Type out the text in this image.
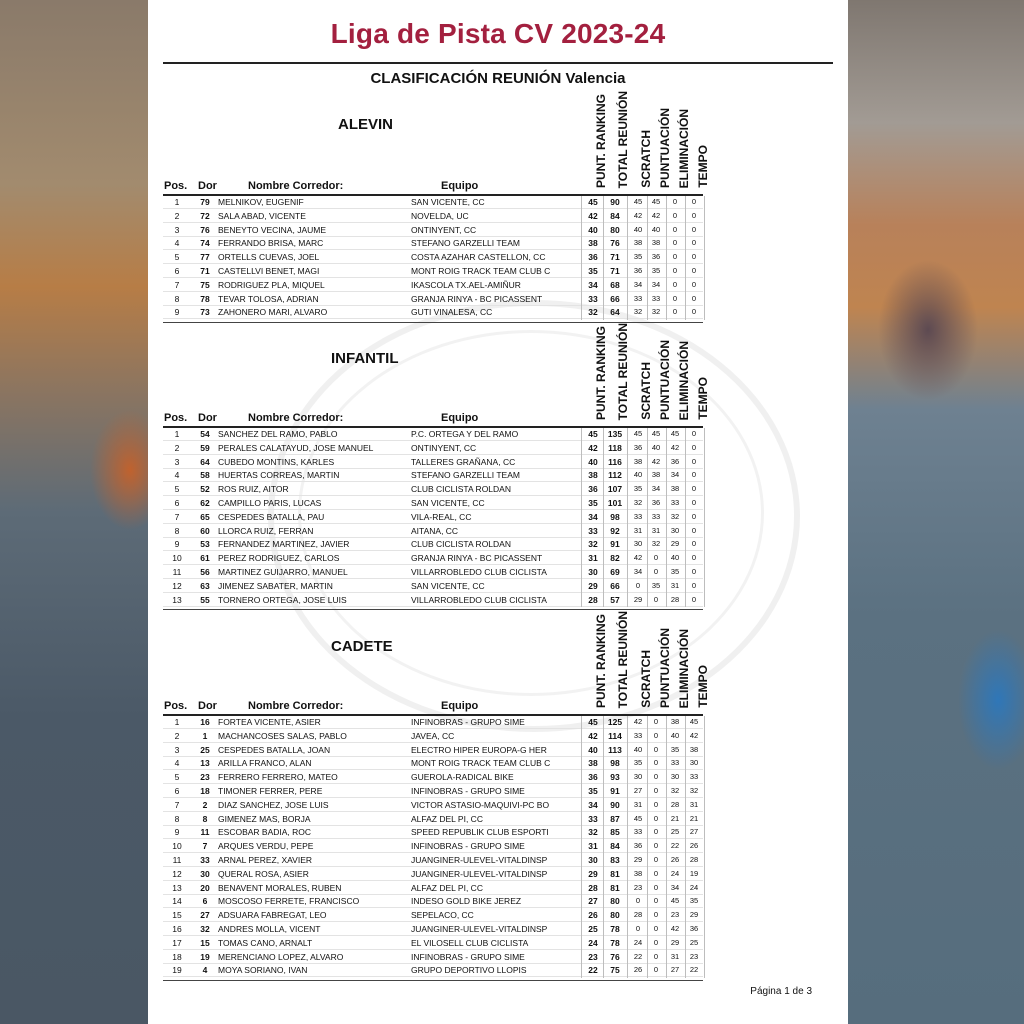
Liga de Pista CV 2023-24
CLASIFICACIÓN REUNIÓN Valencia
ALEVIN	PUNT. RANKING TOTAL REUNIÓN SCRATCH PUNTUACIÓN ELIMINACIÓN TEMPO
Pos. Dor	Nombre Corredor:	Equipo
1	79 MELNIKOV, EUGENIF	SAN VICENTE, CC	45	90	45	45	0	0
2	72 SALA ABAD, VICENTE	NOVELDA, UC	42	84	42	42	0	0
3	76 BENEYTO VECINA, JAUME	ONTINYENT, CC	40	80	40	40	0	0
4	74 FERRANDO BRISA, MARC	STEFANO GARZELLI TEAM	38	76	38	38	0	0
5	77 ORTELLS CUEVAS, JOEL	COSTA AZAHAR CASTELLON, CC	36	71	35	36	0	0
6	71 CASTELLVI BENET, MAGI	MONT ROIG TRACK TEAM CLUB C	35	71	36	35	0	0
7	75 RODRIGUEZ PLA, MIQUEL	IKASCOLA TX.AEL-AMIÑUR	34	68	34	34	0	0
8	78 TEVAR TOLOSA, ADRIAN	GRANJA RINYA - BC PICASSENT	33	66	33	33	0	0
9	73 ZAHONERO MARI, ALVARO	GUTI VINALESA, CC	32	64	32	32	0	0
INFANTIL	PUNT. RANKING TOTAL REUNIÓN SCRATCH PUNTUACIÓN ELIMINACIÓN TEMPO
Pos. Dor	Nombre Corredor:	Equipo
1	54 SANCHEZ DEL RAMO, PABLO	P.C. ORTEGA Y DEL RAMO	45	135	45	45	45	0
2	59 PERALES CALATAYUD, JOSE MANUEL	ONTINYENT, CC	42	118	36	40	42	0
3	64 CUBEDO MONTINS, KARLES	TALLERES GRAÑANA, CC	40	116	38	42	36	0
4	58 HUERTAS CORREAS, MARTIN	STEFANO GARZELLI TEAM	38	112	40	38	34	0
5	52 ROS RUIZ, AITOR	CLUB CICLISTA ROLDAN	36	107	35	34	38	0
6	62 CAMPILLO PARIS, LUCAS	SAN VICENTE, CC	35	101	32	36	33	0
7	65 CESPEDES BATALLA, PAU	VILA-REAL, CC	34	98	33	33	32	0
8	60 LLORCA RUIZ, FERRAN	AITANA, CC	33	92	31	31	30	0
9	53 FERNANDEZ MARTINEZ, JAVIER	CLUB CICLISTA ROLDAN	32	91	30	32	29	0
10	61 PEREZ RODRIGUEZ, CARLOS	GRANJA RINYA - BC PICASSENT	31	82	42	0	40	0
11	56 MARTINEZ GUIJARRO, MANUEL	VILLARROBLEDO CLUB CICLISTA	30	69	34	0	35	0
12	63 JIMENEZ SABATER, MARTIN	SAN VICENTE, CC	29	66	0	35	31	0
13	55 TORNERO ORTEGA, JOSE LUIS	VILLARROBLEDO CLUB CICLISTA	28	57	29	0	28	0
CADETE	PUNT. RANKING TOTAL REUNIÓN SCRATCH PUNTUACIÓN ELIMINACIÓN TEMPO
Pos. Dor	Nombre Corredor:	Equipo
1	16 FORTEA VICENTE, ASIER	INFINOBRAS - GRUPO SIME	45	125	42	0	38	45
2	1	MACHANCOSES SALAS, PABLO	JAVEA, CC	42	114	33	0	40	42
3	25 CESPEDES BATALLA, JOAN	ELECTRO HIPER EUROPA-G HER	40	113	40	0	35	38
4	13 ARILLA FRANCO, ALAN	MONT ROIG TRACK TEAM CLUB C	38	98	35	0	33	30
5	23 FERRERO FERRERO, MATEO	GUEROLA-RADICAL BIKE	36	93	30	0	30	33
6	18 TIMONER FERRER, PERE	INFINOBRAS - GRUPO SIME	35	91	27	0	32	32
7	2	DIAZ SANCHEZ, JOSE LUIS	VICTOR ASTASIO-MAQUIVI-PC BO	34	90	31	0	28	31
8	8	GIMENEZ MAS, BORJA	ALFAZ DEL PI, CC	33	87	45	0	21	21
9	11	ESCOBAR BADIA, ROC	SPEED REPUBLIK CLUB ESPORTI	32	85	33	0	25	27
10	7	ARQUES VERDU, PEPE	INFINOBRAS - GRUPO SIME	31	84	36	0	22	26
11	33 ARNAL PEREZ, XAVIER	JUANGINER-ULEVEL-VITALDINSP	30	83	29	0	26	28
12	30 QUERAL ROSA, ASIER	JUANGINER-ULEVEL-VITALDINSP	29	81	38	0	24	19
13	20 BENAVENT MORALES, RUBEN	ALFAZ DEL PI, CC	28	81	23	0	34	24
14	6	MOSCOSO FERRETE, FRANCISCO	INDESO GOLD BIKE JEREZ	27	80	0	0	45	35
15	27 ADSUARA FABREGAT, LEO	SEPELACO, CC	26	80	28	0	23	29
16	32 ANDRES MOLLA, VICENT	JUANGINER-ULEVEL-VITALDINSP	25	78	0	0	42	36
17	15 TOMAS CANO, ARNALT	EL VILOSELL CLUB CICLISTA	24	78	24	0	29	25
18	19 MERENCIANO LOPEZ, ALVARO	INFINOBRAS - GRUPO SIME	23	76	22	0	31	23
19	4	MOYA SORIANO, IVAN	GRUPO DEPORTIVO LLOPIS	22	75	26	0	27	22
Página 1 de 3
